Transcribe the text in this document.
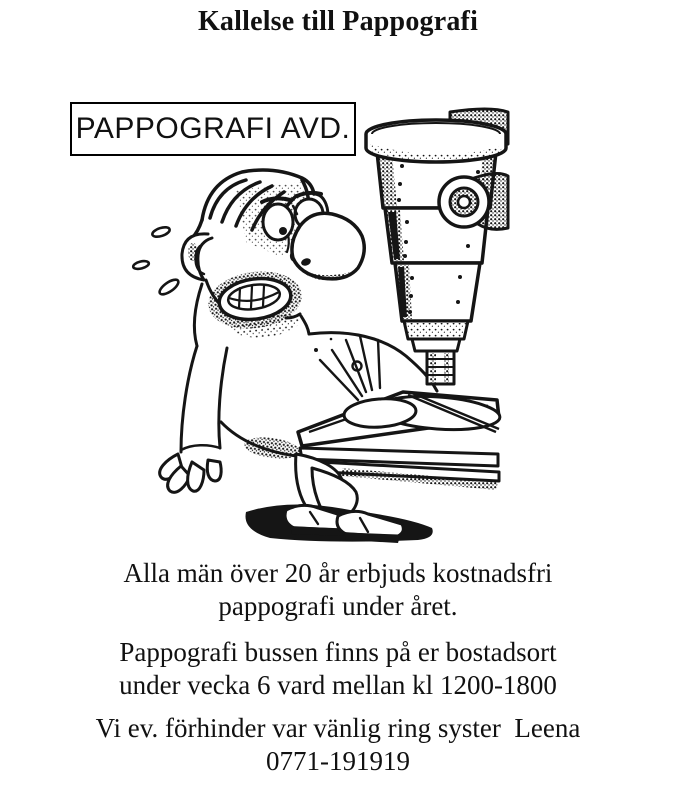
Kallelse till Pappografi
PAPPOGRAFI AVD.

Alla män över 20 år erbjuds kostnadsfri
pappografi under året.

Pappografi bussen finns på er bostadsort
under vecka 6 vard mellan kl 1200-1800

Vi ev. förhinder var vänlig ring syster  Leena
0771-191919
